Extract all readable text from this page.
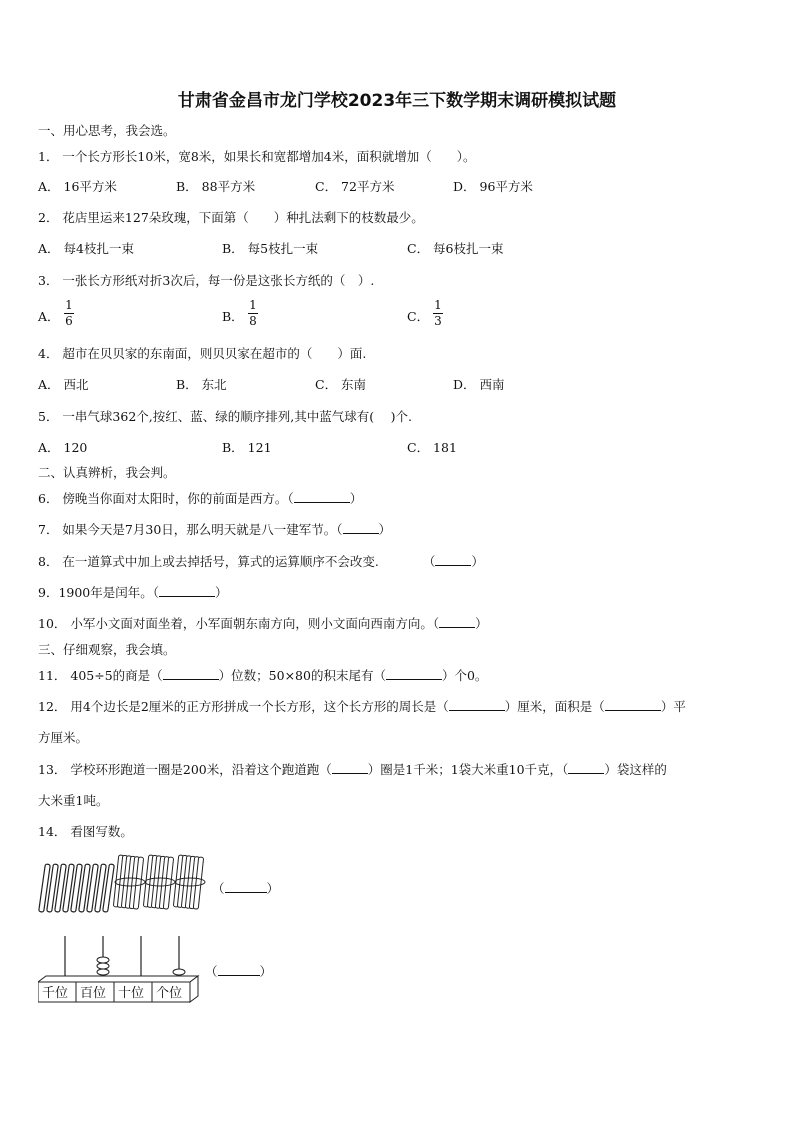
甘肃省金昌市龙门学校2023年三下数学期末调研模拟试题
一、用心思考，我会选。
1． 一个长方形长10米，宽8米，如果长和宽都增加4米，面积就增加（　　）。
A． 16平方米	B． 88平方米	C． 72平方米	D． 96平方米
2． 花店里运来127朵玫瑰，下面第（　　）种扎法剩下的枝数最少。
A． 每4枝扎一束	B． 每5枝扎一束	C． 每6枝扎一束
3． 一张长方形纸对折3次后，每一份是这张长方纸的（　）.
A．
1
6	B．
1
8	C．
1
3
4． 超市在贝贝家的东南面，则贝贝家在超市的（　　）面.
A． 西北	B． 东北	C． 东南	D． 西南
5． 一串气球362个,按红、蓝、绿的顺序排列,其中蓝气球有(　 )个.
A． 120	B． 121	C． 181
二、认真辨析，我会判。
6． 傍晚当你面对太阳时，你的前面是西方。（	）
7． 如果今天是7月30日，那么明天就是八一建军节。（	）
8． 在一道算式中加上或去掉括号，算式的运算顺序不会改变.	（	）
9．1900年是闰年。（	）
10． 小军小文面对面坐着，小军面朝东南方向，则小文面向西南方向。（	）
三、仔细观察，我会填。
11． 405÷5的商是（	）位数；50×80的积末尾有（	）个0。
12． 用4个边长是2厘米的正方形拼成一个长方形，这个长方形的周长是（	）厘米，面积是（	）平
方厘米。
13． 学校环形跑道一圈是200米，沿着这个跑道跑（	）圈是1千米；1袋大米重10千克，（	）袋这样的
大米重1吨。
14． 看图写数。
（	）
千位 百位 十位 个位
（	）
